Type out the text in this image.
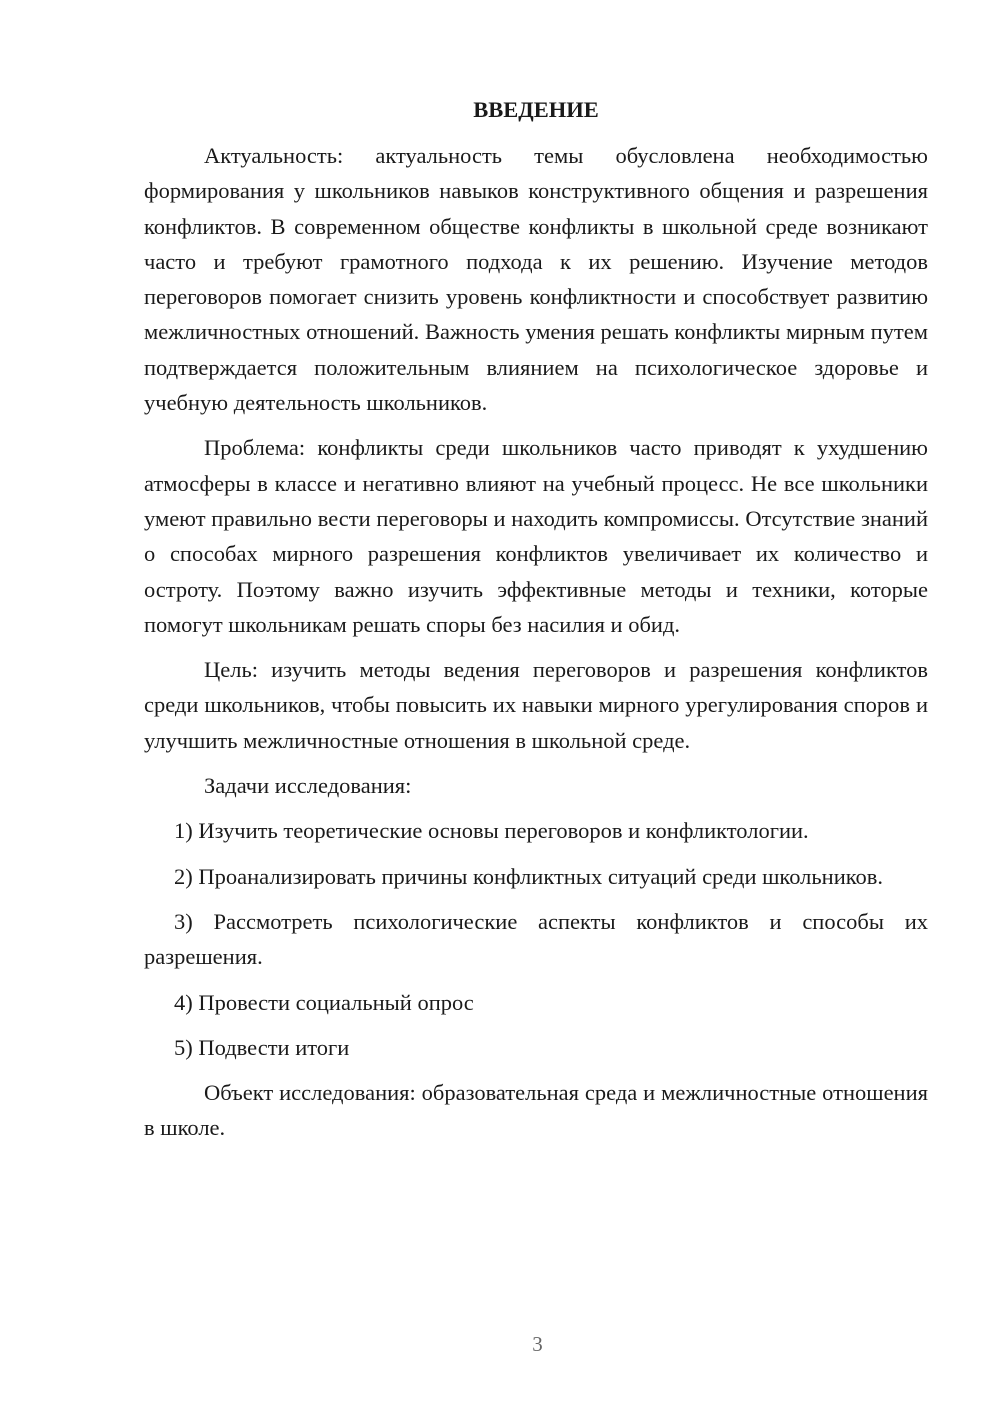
ВВЕДЕНИЕ

Актуальность: актуальность темы обусловлена необходимостью формирования у школьников навыков конструктивного общения и разрешения конфликтов. В современном обществе конфликты в школьной среде возникают часто и требуют грамотного подхода к их решению. Изучение методов переговоров помогает снизить уровень конфликтности и способствует развитию межличностных отношений. Важность умения решать конфликты мирным путем подтверждается положительным влиянием на психологическое здоровье и учебную деятельность школьников.

Проблема: конфликты среди школьников часто приводят к ухудшению атмосферы в классе и негативно влияют на учебный процесс. Не все школьники умеют правильно вести переговоры и находить компромиссы. Отсутствие знаний о способах мирного разрешения конфликтов увеличивает их количество и остроту. Поэтому важно изучить эффективные методы и техники, которые помогут школьникам решать споры без насилия и обид.

Цель: изучить методы ведения переговоров и разрешения конфликтов среди школьников, чтобы повысить их навыки мирного урегулирования споров и улучшить межличностные отношения в школьной среде.

Задачи исследования:

1) Изучить теоретические основы переговоров и конфликтологии.

2) Проанализировать причины конфликтных ситуаций среди школьников.

3) Рассмотреть психологические аспекты конфликтов и способы их разрешения.

4) Провести социальный опрос

5) Подвести итоги

Объект исследования: образовательная среда и межличностные отношения в школе.

3
